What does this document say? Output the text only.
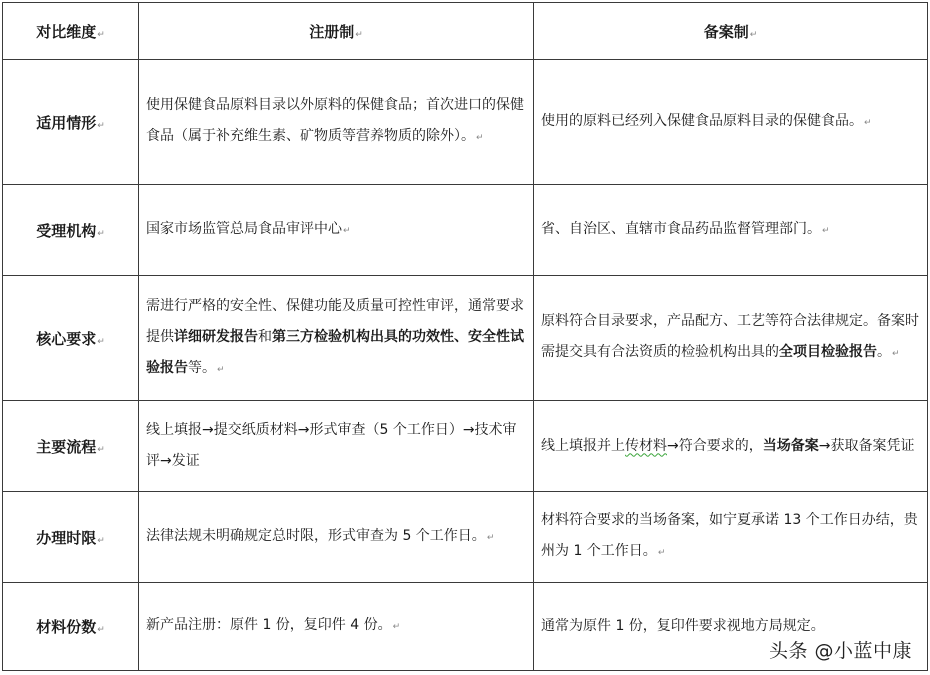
对比维度↵	注册制↵	备案制↵
适用情形↵	使用保健食品原料目录以外原料的保健食品；首次进口的保健食品（属于补充维生素、矿物质等营养物质的除外）。↵	使用的原料已经列入保健食品原料目录的保健食品。↵
受理机构↵	国家市场监管总局食品审评中心↵	省、自治区、直辖市食品药品监督管理部门。↵
核心要求↵	需进行严格的安全性、保健功能及质量可控性审评，通常要求提供详细研发报告和第三方检验机构出具的功效性、安全性试验报告等。↵	原料符合目录要求，产品配方、工艺等符合法律规定。备案时需提交具有合法资质的检验机构出具的全项目检验报告。↵
主要流程↵	线上填报→提交纸质材料→形式审查（5 个工作日）→技术审评→发证	线上填报并上传材料→符合要求的，当场备案→获取备案凭证
办理时限↵	法律法规未明确规定总时限，形式审查为 5 个工作日。↵	材料符合要求的当场备案，如宁夏承诺 13 个工作日办结，贵州为 1 个工作日。↵
材料份数↵	新产品注册：原件 1 份，复印件 4 份。↵	通常为原件 1 份，复印件要求视地方局规定。
头条 @小蓝中康
